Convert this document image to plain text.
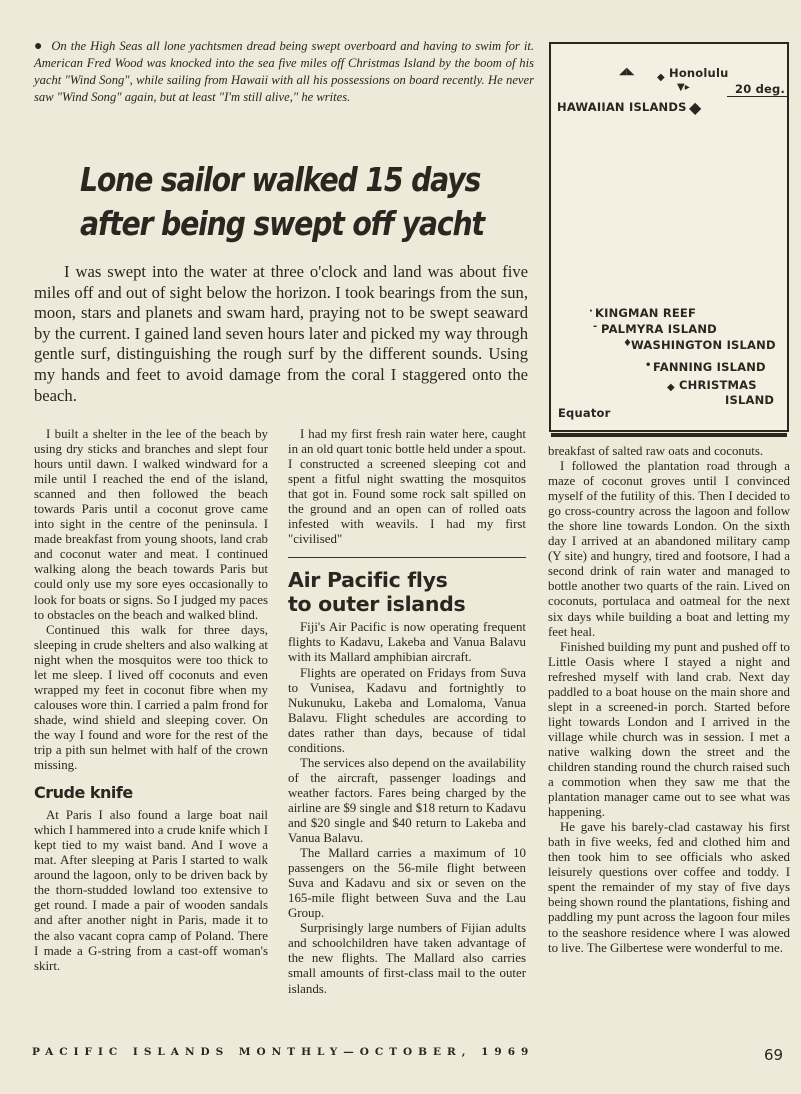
● On the High Seas all lone yachtsmen dread being swept overboard and having to swim for it. American Fred Wood was knocked into the sea five miles off Christmas Island by the boom of his yacht "Wind Song", while sailing from Hawaii with all his possessions on board recently. He never saw "Wind Song" again, but at least "I'm still alive," he writes.
Lone sailor walked 15 days
after being swept off yacht

I was swept into the water at three o'clock and land was about five miles off and out of sight below the horizon. I took bearings from the sun, moon, stars and planets and swam hard, praying not to be swept seaward by the current. I gained land seven hours later and picked my way through gentle surf, distinguishing the rough surf by the different sounds. Using my hands and feet to avoid damage from the coral I staggered onto the beach.

◢◣
◆ Honolulu
▼▸	20 deg.
HAWAIIAN ISLANDS ◆
KINGMAN REEF
·
PALMYRA ISLAND
-
WASHINGTON ISLAND
♦
FANNING ISLAND
•
CHRISTMAS
◆
ISLAND
Equator

I built a shelter in the lee of the beach by using dry sticks and branches and slept four hours until dawn. I walked windward for a mile until I reached the end of the island, scanned and then followed the beach towards Paris until a coconut grove came into sight in the centre of the peninsula. I made breakfast from young shoots, land crab and coconut water and meat. I continued walking along the beach towards Paris but could only use my sore eyes occasionally to look for boats or signs. So I judged my paces to obstacles on the beach and walked blind.

Continued this walk for three days, sleeping in crude shelters and also walking at night when the mosquitos were too thick to let me sleep. I lived off coconuts and even wrapped my feet in coconut fibre when my calouses wore thin. I carried a palm frond for shade, wind shield and sleeping cover. On the way I found and wore for the rest of the trip a pith sun helmet with half of the crown missing.

Crude knife

At Paris I also found a large boat nail which I hammered into a crude knife which I kept tied to my waist band. And I wove a mat. After sleeping at Paris I started to walk around the lagoon, only to be driven back by the thorn-studded lowland too extensive to get round. I made a pair of wooden sandals and after another night in Paris, made it to the also vacant copra camp of Poland. There I made a G-string from a cast-off woman's skirt.

I had my first fresh rain water here, caught in an old quart tonic bottle held under a spout. I constructed a screened sleeping cot and spent a fitful night swatting the mosquitos that got in. Found some rock salt spilled on the ground and an open can of rolled oats infested with weavils. I had my first "civilised"

Air Pacific flys
to outer islands

Fiji's Air Pacific is now operating frequent flights to Kadavu, Lakeba and Vanua Balavu with its Mallard amphibian aircraft.

Flights are operated on Fridays from Suva to Vunisea, Kadavu and fortnightly to Nukunuku, Lakeba and Lomaloma, Vanua Balavu. Flight schedules are according to dates rather than days, because of tidal conditions.

The services also depend on the availability of the aircraft, passenger loadings and weather factors. Fares being charged by the airline are $9 single and $18 return to Kadavu and $20 single and $40 return to Lakeba and Vanua Balavu.

The Mallard carries a maximum of 10 passengers on the 56-mile flight between Suva and Kadavu and six or seven on the 165-mile flight between Suva and the Lau Group.

Surprisingly large numbers of Fijian adults and schoolchildren have taken advantage of the new flights. The Mallard also carries small amounts of first-class mail to the outer islands.

breakfast of salted raw oats and coconuts.

I followed the plantation road through a maze of coconut groves until I convinced myself of the futility of this. Then I decided to go cross-country across the lagoon and follow the shore line towards London. On the sixth day I arrived at an abandoned military camp (Y site) and hungry, tired and footsore, I had a second drink of rain water and managed to bottle another two quarts of the rain. Lived on coconuts, portulaca and oatmeal for the next six days while building a boat and letting my feet heal.

Finished building my punt and pushed off to Little Oasis where I stayed a night and refreshed myself with land crab. Next day paddled to a boat house on the main shore and slept in a screened-in porch. Started before light towards London and I arrived in the village while church was in session. I met a native walking down the street and the children standing round the church raised such a commotion when they saw me that the plantation manager came out to see what was happening.

He gave his barely-clad castaway his first bath in five weeks, fed and clothed him and then took him to see officials who asked leisurely questions over coffee and toddy. I spent the remainder of my stay of five days being shown round the plantations, fishing and paddling my punt across the lagoon four miles to the seashore residence where I was alowed to live. The Gilbertese were wonderful to me.

PACIFIC ISLANDS MONTHLY—OCTOBER, 1969	69
